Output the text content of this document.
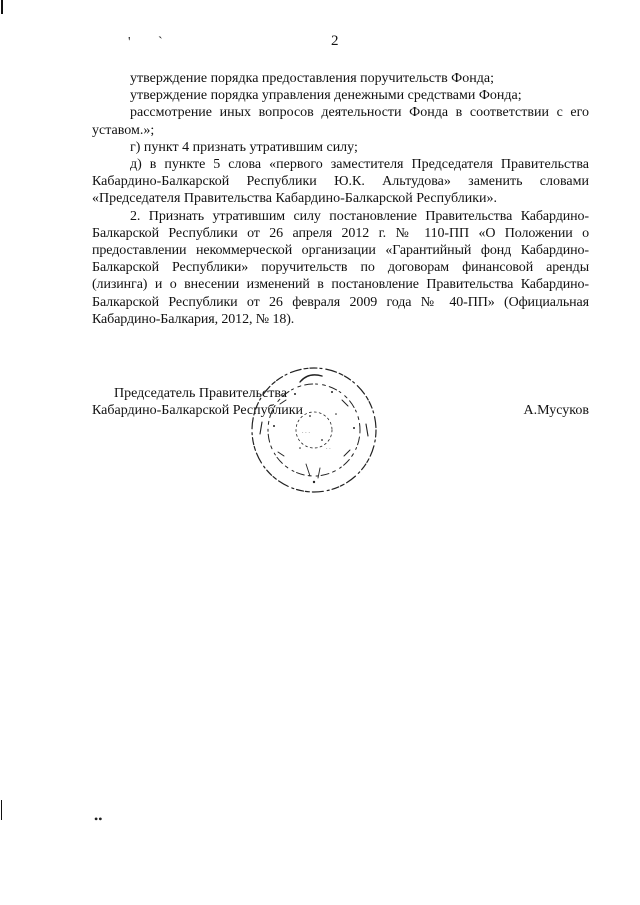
' `	2

утверждение порядка предоставления поручительств Фонда;

утверждение порядка управления денежными средствами Фонда;

рассмотрение иных вопросов деятельности Фонда в соответствии с его уставом.»;

г) пункт 4 признать утратившим силу;

д) в пункте 5 слова «первого заместителя Председателя Правительства Кабардино-Балкарской Республики Ю.К. Альтудова» заменить словами «Председателя Правительства Кабардино-Балкарской Республики».

2. Признать утратившим силу постановление Правительства Кабардино-Балкарской Республики от 26 апреля 2012 г. № 110-ПП «О Положении о предоставлении некоммерческой организации «Гарантийный фонд Кабардино-Балкарской Республики» поручительств по договорам финансовой аренды (лизинга) и о внесении изменений в постановление Правительства Кабардино-Балкарской Республики от 26 февраля 2009 года № 40-ПП» (Официальная Кабардино-Балкария, 2012, № 18).

Председатель Правительства
Кабардино-Балкарской Республики	А.Мусуков
· · ·
· ·
••
